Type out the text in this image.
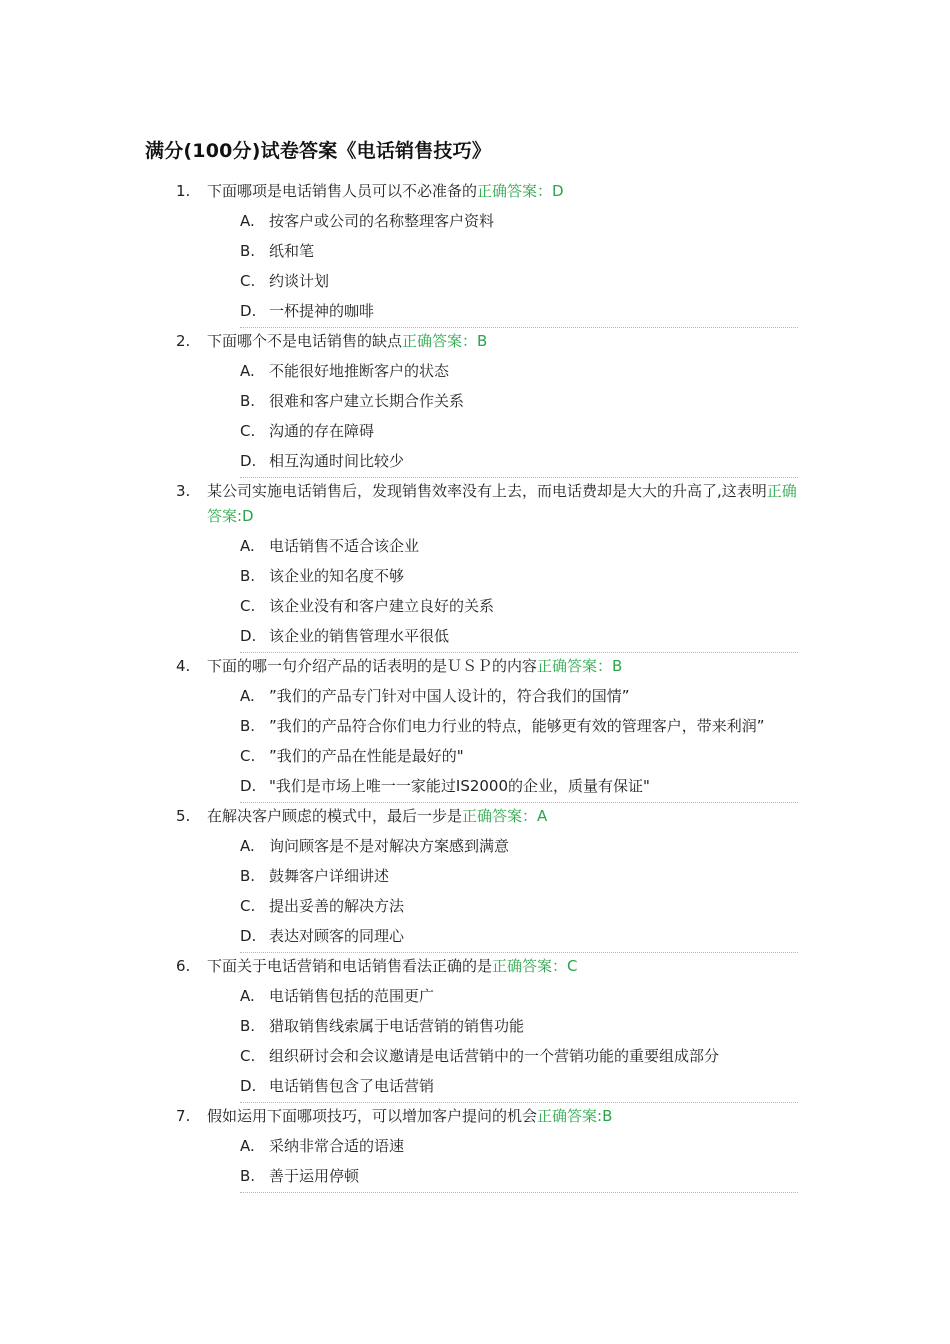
满分(100分)试卷答案《电话销售技巧》
1.	下面哪项是电话销售人员可以不必准备的正确答案：D
A. 按客户或公司的名称整理客户资料
B. 纸和笔
C. 约谈计划
D. 一杯提神的咖啡
2.	下面哪个不是电话销售的缺点正确答案：B
A. 不能很好地推断客户的状态
B. 很难和客户建立长期合作关系
C. 沟通的存在障碍
D. 相互沟通时间比较少
3.	某公司实施电话销售后，发现销售效率没有上去，而电话费却是大大的升高了,这表明正确答案:D
A. 电话销售不适合该企业
B. 该企业的知名度不够
C. 该企业没有和客户建立良好的关系
D. 该企业的销售管理水平很低
4.	下面的哪一句介绍产品的话表明的是ＵＳＰ的内容正确答案：B
A. ”我们的产品专门针对中国人设计的，符合我们的国情”
B. ”我们的产品符合你们电力行业的特点，能够更有效的管理客户，带来利润”
C. ”我们的产品在性能是最好的"
D. "我们是市场上唯一一家能过IS2000的企业，质量有保证"
5.	在解决客户顾虑的模式中，最后一步是正确答案：A
A. 询问顾客是不是对解决方案感到满意
B. 鼓舞客户详细讲述
C. 提出妥善的解决方法
D. 表达对顾客的同理心
6.	下面关于电话营销和电话销售看法正确的是正确答案：C
A. 电话销售包括的范围更广
B. 猎取销售线索属于电话营销的销售功能
C. 组织研讨会和会议邀请是电话营销中的一个营销功能的重要组成部分
D. 电话销售包含了电话营销
7.	假如运用下面哪项技巧，可以增加客户提问的机会正确答案:B
A. 采纳非常合适的语速
B. 善于运用停顿
